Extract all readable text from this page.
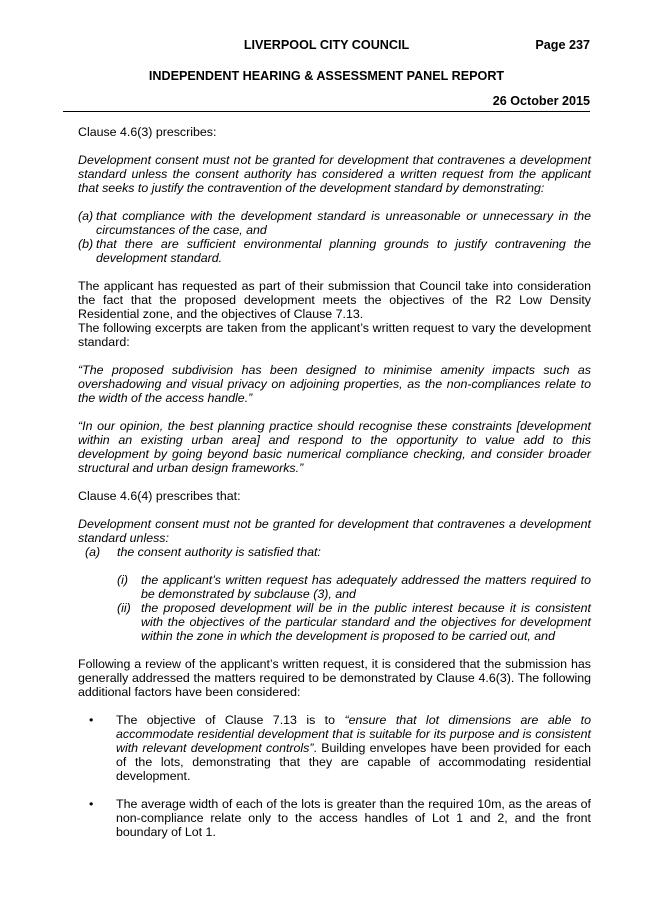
LIVERPOOL CITY COUNCIL	Page 237
INDEPENDENT HEARING & ASSESSMENT PANEL REPORT
26 October 2015

Clause 4.6(3) prescribes:

Development consent must not be granted for development that contravenes a development standard unless the consent authority has considered a written request from the applicant that seeks to justify the contravention of the development standard by demonstrating:

(a) that compliance with the development standard is unreasonable or unnecessary in the circumstances of the case, and
(b) that there are sufficient environmental planning grounds to justify contravening the development standard.

The applicant has requested as part of their submission that Council take into consideration the fact that the proposed development meets the objectives of the R2 Low Density Residential zone, and the objectives of Clause 7.13.

The following excerpts are taken from the applicant’s written request to vary the development standard:

“The proposed subdivision has been designed to minimise amenity impacts such as overshadowing and visual privacy on adjoining properties, as the non-compliances relate to the width of the access handle.”

“In our opinion, the best planning practice should recognise these constraints [development within an existing urban area] and respond to the opportunity to value add to this development by going beyond basic numerical compliance checking, and consider broader structural and urban design frameworks.”

Clause 4.6(4) prescribes that:

Development consent must not be granted for development that contravenes a development standard unless:

(a)	the consent authority is satisfied that:
(i)	the applicant’s written request has adequately addressed the matters required to be demonstrated by subclause (3), and
(ii) the proposed development will be in the public interest because it is consistent with the objectives of the particular standard and the objectives for development within the zone in which the development is proposed to be carried out, and

Following a review of the applicant’s written request, it is considered that the submission has generally addressed the matters required to be demonstrated by Clause 4.6(3). The following additional factors have been considered:

•	The objective of Clause 7.13 is to “ensure that lot dimensions are able to accommodate residential development that is suitable for its purpose and is consistent with relevant development controls”. Building envelopes have been provided for each of the lots, demonstrating that they are capable of accommodating residential development.
•	The average width of each of the lots is greater than the required 10m, as the areas of non-compliance relate only to the access handles of Lot 1 and 2, and the front boundary of Lot 1.
